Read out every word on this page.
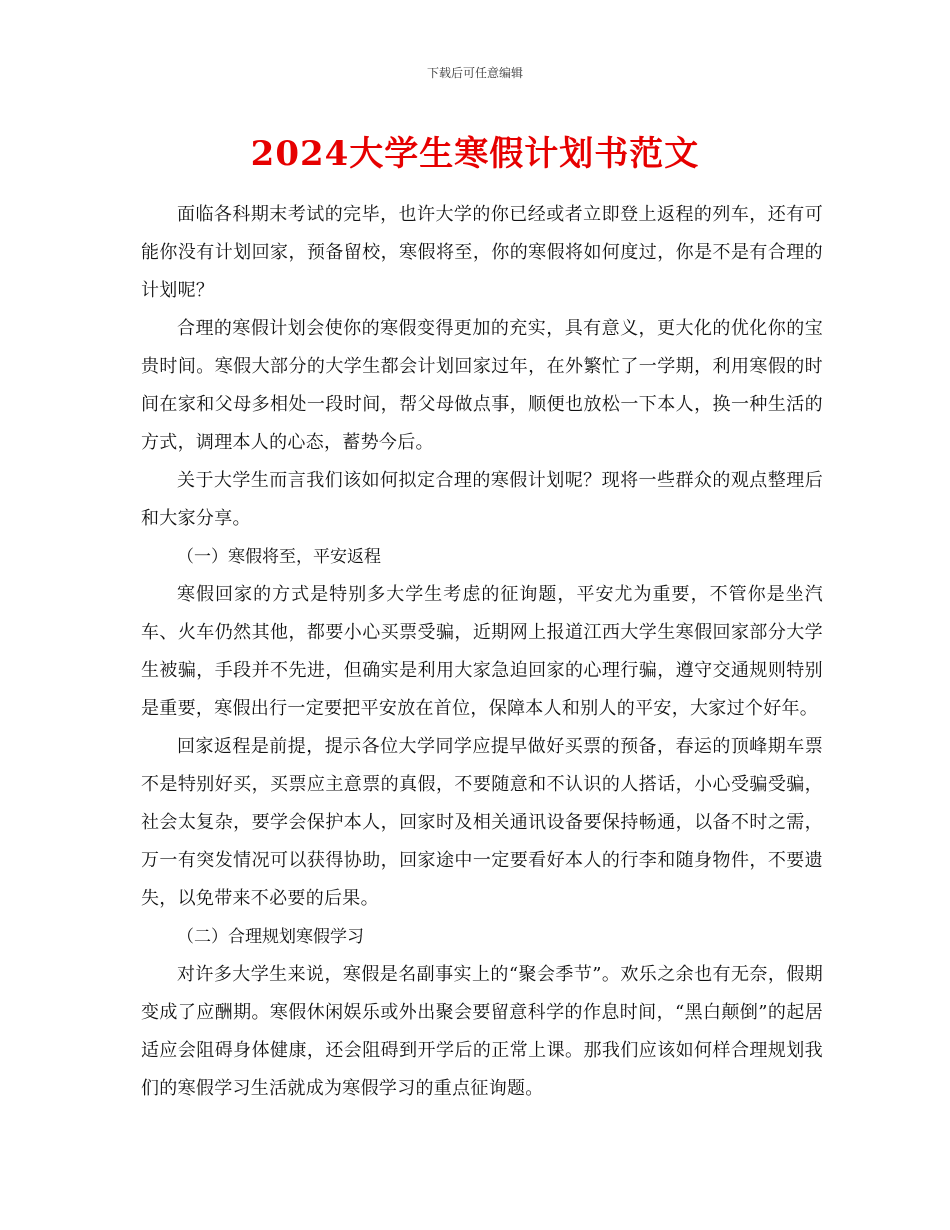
下载后可任意编辑
2024大学生寒假计划书范文

面临各科期末考试的完毕，也许大学的你已经或者立即登上返程的列车，还有可能你没有计划回家，预备留校，寒假将至，你的寒假将如何度过，你是不是有合理的计划呢？

合理的寒假计划会使你的寒假变得更加的充实，具有意义，更大化的优化你的宝贵时间。寒假大部分的大学生都会计划回家过年，在外繁忙了一学期，利用寒假的时间在家和父母多相处一段时间，帮父母做点事，顺便也放松一下本人，换一种生活的方式，调理本人的心态，蓄势今后。

关于大学生而言我们该如何拟定合理的寒假计划呢？现将一些群众的观点整理后和大家分享。

（一）寒假将至，平安返程

寒假回家的方式是特别多大学生考虑的征询题，平安尤为重要，不管你是坐汽车、火车仍然其他，都要小心买票受骗，近期网上报道江西大学生寒假回家部分大学生被骗，手段并不先进，但确实是利用大家急迫回家的心理行骗，遵守交通规则特别是重要，寒假出行一定要把平安放在首位，保障本人和别人的平安，大家过个好年。

回家返程是前提，提示各位大学同学应提早做好买票的预备，春运的顶峰期车票不是特别好买，买票应主意票的真假，不要随意和不认识的人搭话，小心受骗受骗，社会太复杂，要学会保护本人，回家时及相关通讯设备要保持畅通，以备不时之需，万一有突发情况可以获得协助，回家途中一定要看好本人的行李和随身物件，不要遗失，以免带来不必要的后果。

（二）合理规划寒假学习

对许多大学生来说，寒假是名副事实上的“聚会季节”。欢乐之余也有无奈，假期变成了应酬期。寒假休闲娱乐或外出聚会要留意科学的作息时间，“黑白颠倒”的起居适应会阻碍身体健康，还会阻碍到开学后的正常上课。那我们应该如何样合理规划我们的寒假学习生活就成为寒假学习的重点征询题。
